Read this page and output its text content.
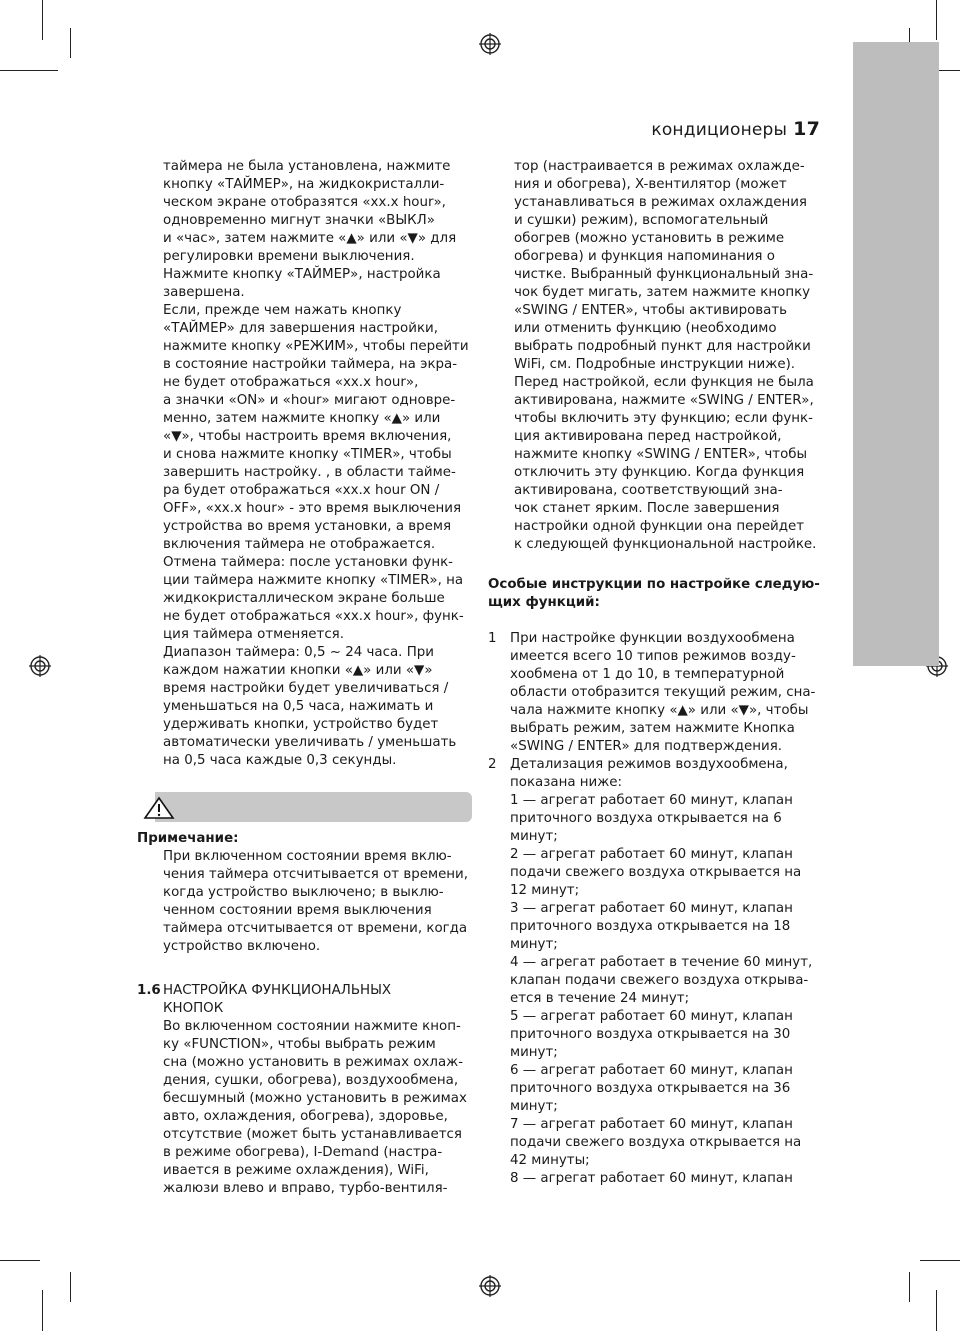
кондиционеры 17

таймера не была установлена, нажмите
кнопку «ТАЙМЕР», на жидкокристалли-
ческом экране отобразятся «xx.x hour»,
одновременно мигнут значки «ВЫКЛ»
и «час», затем нажмите «▲» или «▼» для
регулировки времени выключения.
Нажмите кнопку «ТАЙМЕР», настройка
завершена.
Если, прежде чем нажать кнопку
«ТАЙМЕР» для завершения настройки,
нажмите кнопку «РЕЖИМ», чтобы перейти
в состояние настройки таймера, на экра-
не будет отображаться «xx.x hour»,
а значки «ON» и «hour» мигают одновре-
менно, затем нажмите кнопку «▲» или
«▼», чтобы настроить время включения,
и снова нажмите кнопку «TIMER», чтобы
завершить настройку. , в области тайме-
ра будет отображаться «xx.x hour ON /
OFF», «xx.x hour» - это время выключения
устройства во время установки, а время
включения таймера не отображается.
Отмена таймера: после установки функ-
ции таймера нажмите кнопку «TIMER», на
жидкокристаллическом экране больше
не будет отображаться «xx.x hour», функ-
ция таймера отменяется.
Диапазон таймера: 0,5 ~ 24 часа. При
каждом нажатии кнопки «▲» или «▼»
время настройки будет увеличиваться /
уменьшаться на 0,5 часа, нажимать и
удерживать кнопки, устройство будет
автоматически увеличивать / уменьшать
на 0,5 часа каждые 0,3 секунды.

Примечание:

При включенном состоянии время вклю-
чения таймера отсчитывается от времени,
когда устройство выключено; в выклю-
ченном состоянии время выключения
таймера отсчитывается от времени, когда
устройство включено.

1.6 НАСТРОЙКА ФУНКЦИОНАЛЬНЫХ
КНОПОК

Во включенном состоянии нажмите кноп-
ку «FUNCTION», чтобы выбрать режим
сна (можно установить в режимах охлаж-
дения, сушки, обогрева), воздухообмена,
бесшумный (можно установить в режимах
авто, охлаждения, обогрева), здоровье,
отсутствие (может быть устанавливается
в режиме обогрева), I-Demand (настра-
ивается в режиме охлаждения), WiFi,
жалюзи влево и вправо, турбо-вентиля-

тор (настраивается в режимах охлажде-
ния и обогрева), X-вентилятор (может
устанавливаться в режимах охлаждения
и сушки) режим), вспомогательный
обогрев (можно установить в режиме
обогрева) и функция напоминания о
чистке. Выбранный функциональный зна-
чок будет мигать, затем нажмите кнопку
«SWING / ENTER», чтобы активировать
или отменить функцию (необходимо
выбрать подробный пункт для настройки
WiFi, см. Подробные инструкции ниже).
Перед настройкой, если функция не была
активирована, нажмите «SWING / ENTER»,
чтобы включить эту функцию; если функ-
ция активирована перед настройкой,
нажмите кнопку «SWING / ENTER», чтобы
отключить эту функцию. Когда функция
активирована, соответствующий зна-
чок станет ярким. После завершения
настройки одной функции она перейдет
к следующей функциональной настройке.

Особые инструкции по настройке следую-
щих функций:

1	При настройке функции воздухообмена
имеется всего 10 типов режимов возду-
хообмена от 1 до 10, в температурной
области отобразится текущий режим, сна-
чала нажмите кнопку «▲» или «▼», чтобы
выбрать режим, затем нажмите Кнопка
«SWING / ENTER» для подтверждения.

2	Детализация режимов воздухообмена,
показана ниже:
1 — агрегат работает 60 минут, клапан
приточного воздуха открывается на 6
минут;
2 — агрегат работает 60 минут, клапан
подачи свежего воздуха открывается на
12 минут;
3 — агрегат работает 60 минут, клапан
приточного воздуха открывается на 18
минут;
4 — агрегат работает в течение 60 минут,
клапан подачи свежего воздуха открыва-
ется в течение 24 минут;
5 — агрегат работает 60 минут, клапан
приточного воздуха открывается на 30
минут;
6 — агрегат работает 60 минут, клапан
приточного воздуха открывается на 36
минут;
7 — агрегат работает 60 минут, клапан
подачи свежего воздуха открывается на
42 минуты;
8 — агрегат работает 60 минут, клапан
